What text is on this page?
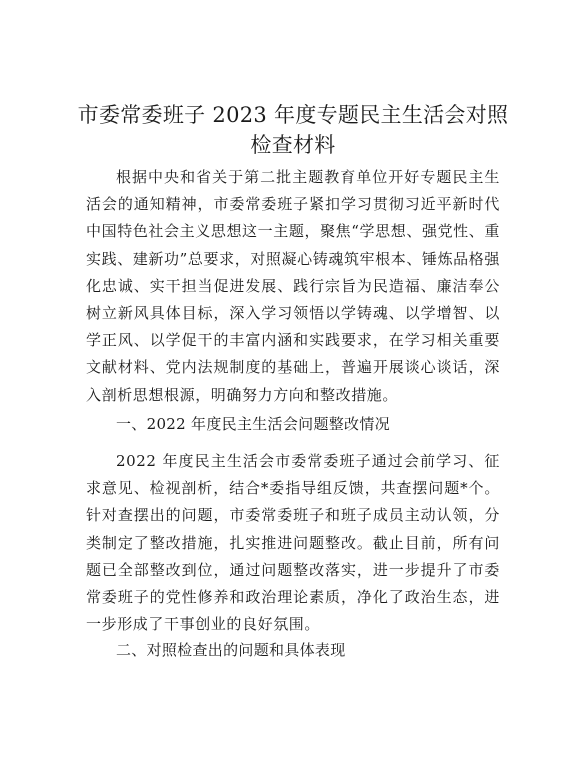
市委常委班子 2023 年度专题民主生活会对照检查材料

根据中央和省关于第二批主题教育单位开好专题民主生活会的通知精神，市委常委班子紧扣学习贯彻习近平新时代中国特色社会主义思想这一主题，聚焦“学思想、强党性、重实践、建新功”总要求，对照凝心铸魂筑牢根本、锤炼品格强化忠诚、实干担当促进发展、践行宗旨为民造福、廉洁奉公树立新风具体目标，深入学习领悟以学铸魂、以学增智、以学正风、以学促干的丰富内涵和实践要求，在学习相关重要文献材料、党内法规制度的基础上，普遍开展谈心谈话，深入剖析思想根源，明确努力方向和整改措施。

一、2022 年度民主生活会问题整改情况

2022 年度民主生活会市委常委班子通过会前学习、征求意见、检视剖析，结合*委指导组反馈，共查摆问题*个。针对查摆出的问题，市委常委班子和班子成员主动认领，分类制定了整改措施，扎实推进问题整改。截止目前，所有问题已全部整改到位，通过问题整改落实，进一步提升了市委常委班子的党性修养和政治理论素质，净化了政治生态，进一步形成了干事创业的良好氛围。

二、对照检查出的问题和具体表现
